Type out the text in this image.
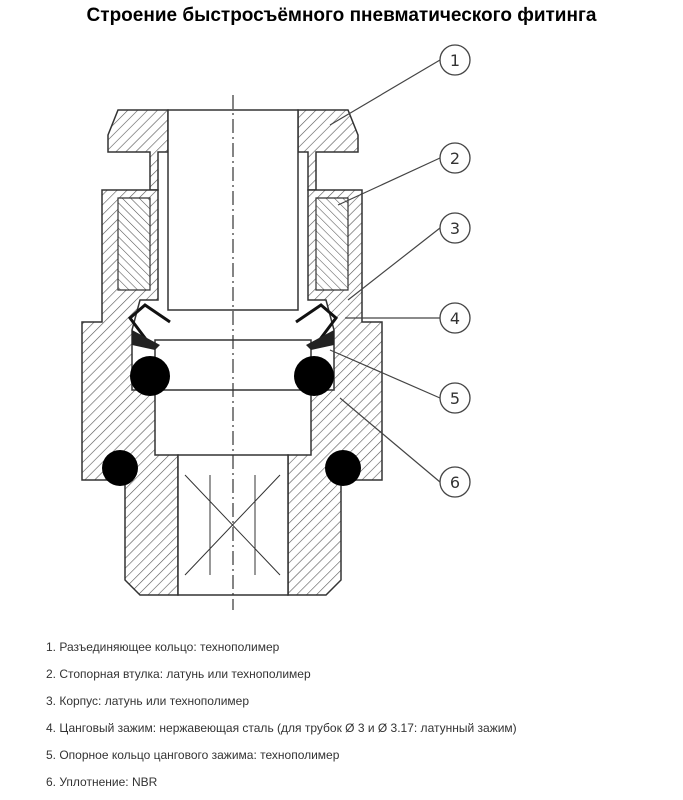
Строение быстросъёмного пневматического фитинга
1
2
3
4
5
6
1. Разъединяющее кольцо: технополимер
2. Стопорная втулка: латунь или технополимер
3. Корпус: латунь или технополимер
4. Цанговый зажим: нержавеющая сталь (для трубок Ø 3 и Ø 3.17: латунный зажим)
5. Опорное кольцо цангового зажима: технополимер
6. Уплотнение: NBR
